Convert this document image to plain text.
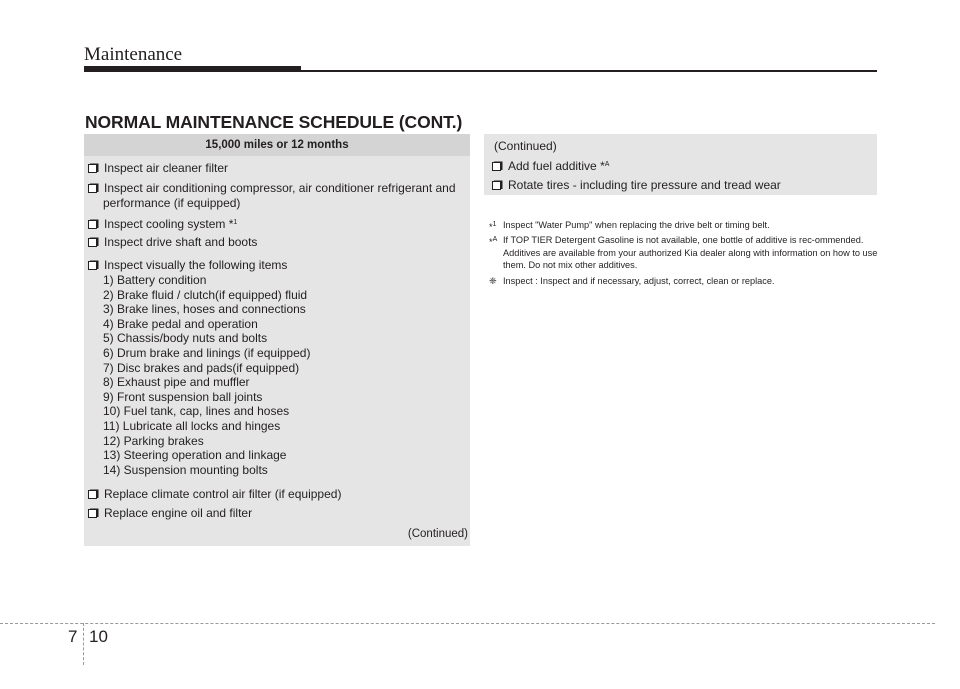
Maintenance
NORMAL MAINTENANCE SCHEDULE (CONT.)
15,000 miles or 12 months
Inspect air cleaner filter
Inspect air conditioning compressor, air conditioner refrigerant and
performance (if equipped)
Inspect cooling system *$^1$
Inspect drive shaft and boots
Inspect visually the following items
1) Battery condition
2) Brake fluid / clutch(if equipped) fluid
3) Brake lines, hoses and connections
4) Brake pedal and operation
5) Chassis/body nuts and bolts
6) Drum brake and linings (if equipped)
7) Disc brakes and pads(if equipped)
8) Exhaust pipe and muffler
9) Front suspension ball joints
10) Fuel tank, cap, lines and hoses
11) Lubricate all locks and hinges
12) Parking brakes
13) Steering operation and linkage
14) Suspension mounting bolts
Replace climate control air filter (if equipped)
Replace engine oil and filter
(Continued)
(Continued)
Add fuel additive *$^A$
Rotate tires - including tire pressure and tread wear
*$^1$ Inspect "Water Pump" when replacing the drive belt or timing belt.
*$^A$ If TOP TIER Detergent Gasoline is not available, one bottle of additive is rec-ommended. Additives are available from your authorized Kia dealer along with information on how to use them. Do not mix other additives.
❈ Inspect : Inspect and if necessary, adjust, correct, clean or replace.
7 10
